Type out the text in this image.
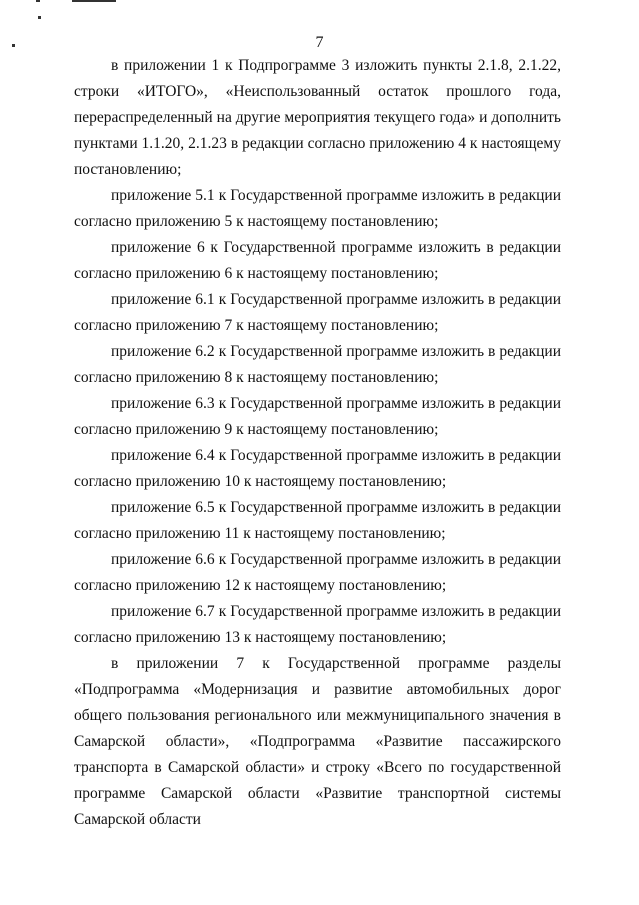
7

в приложении 1 к Подпрограмме 3 изложить пункты 2.1.8, 2.1.22, строки «ИТОГО», «Неиспользованный остаток прошлого года, перераспределенный на другие мероприятия текущего года» и дополнить пунктами 1.1.20, 2.1.23 в редакции согласно приложению 4 к настоящему постановлению;

приложение 5.1 к Государственной программе изложить в редакции согласно приложению 5 к настоящему постановлению;

приложение 6 к Государственной программе изложить в редакции согласно приложению 6 к настоящему постановлению;

приложение 6.1 к Государственной программе изложить в редакции согласно приложению 7 к настоящему постановлению;

приложение 6.2 к Государственной программе изложить в редакции согласно приложению 8 к настоящему постановлению;

приложение 6.3 к Государственной программе изложить в редакции согласно приложению 9 к настоящему постановлению;

приложение 6.4 к Государственной программе изложить в редакции согласно приложению 10 к настоящему постановлению;

приложение 6.5 к Государственной программе изложить в редакции согласно приложению 11 к настоящему постановлению;

приложение 6.6 к Государственной программе изложить в редакции согласно приложению 12 к настоящему постановлению;

приложение 6.7 к Государственной программе изложить в редакции согласно приложению 13 к настоящему постановлению;

в приложении 7 к Государственной программе разделы «Подпрограмма «Модернизация и развитие автомобильных дорог общего пользования регионального или межмуниципального значения в Самарской области», «Подпрограмма «Развитие пассажирского транспорта в Самарской области» и строку «Всего по государственной программе Самарской области «Развитие транспортной системы Самарской области
